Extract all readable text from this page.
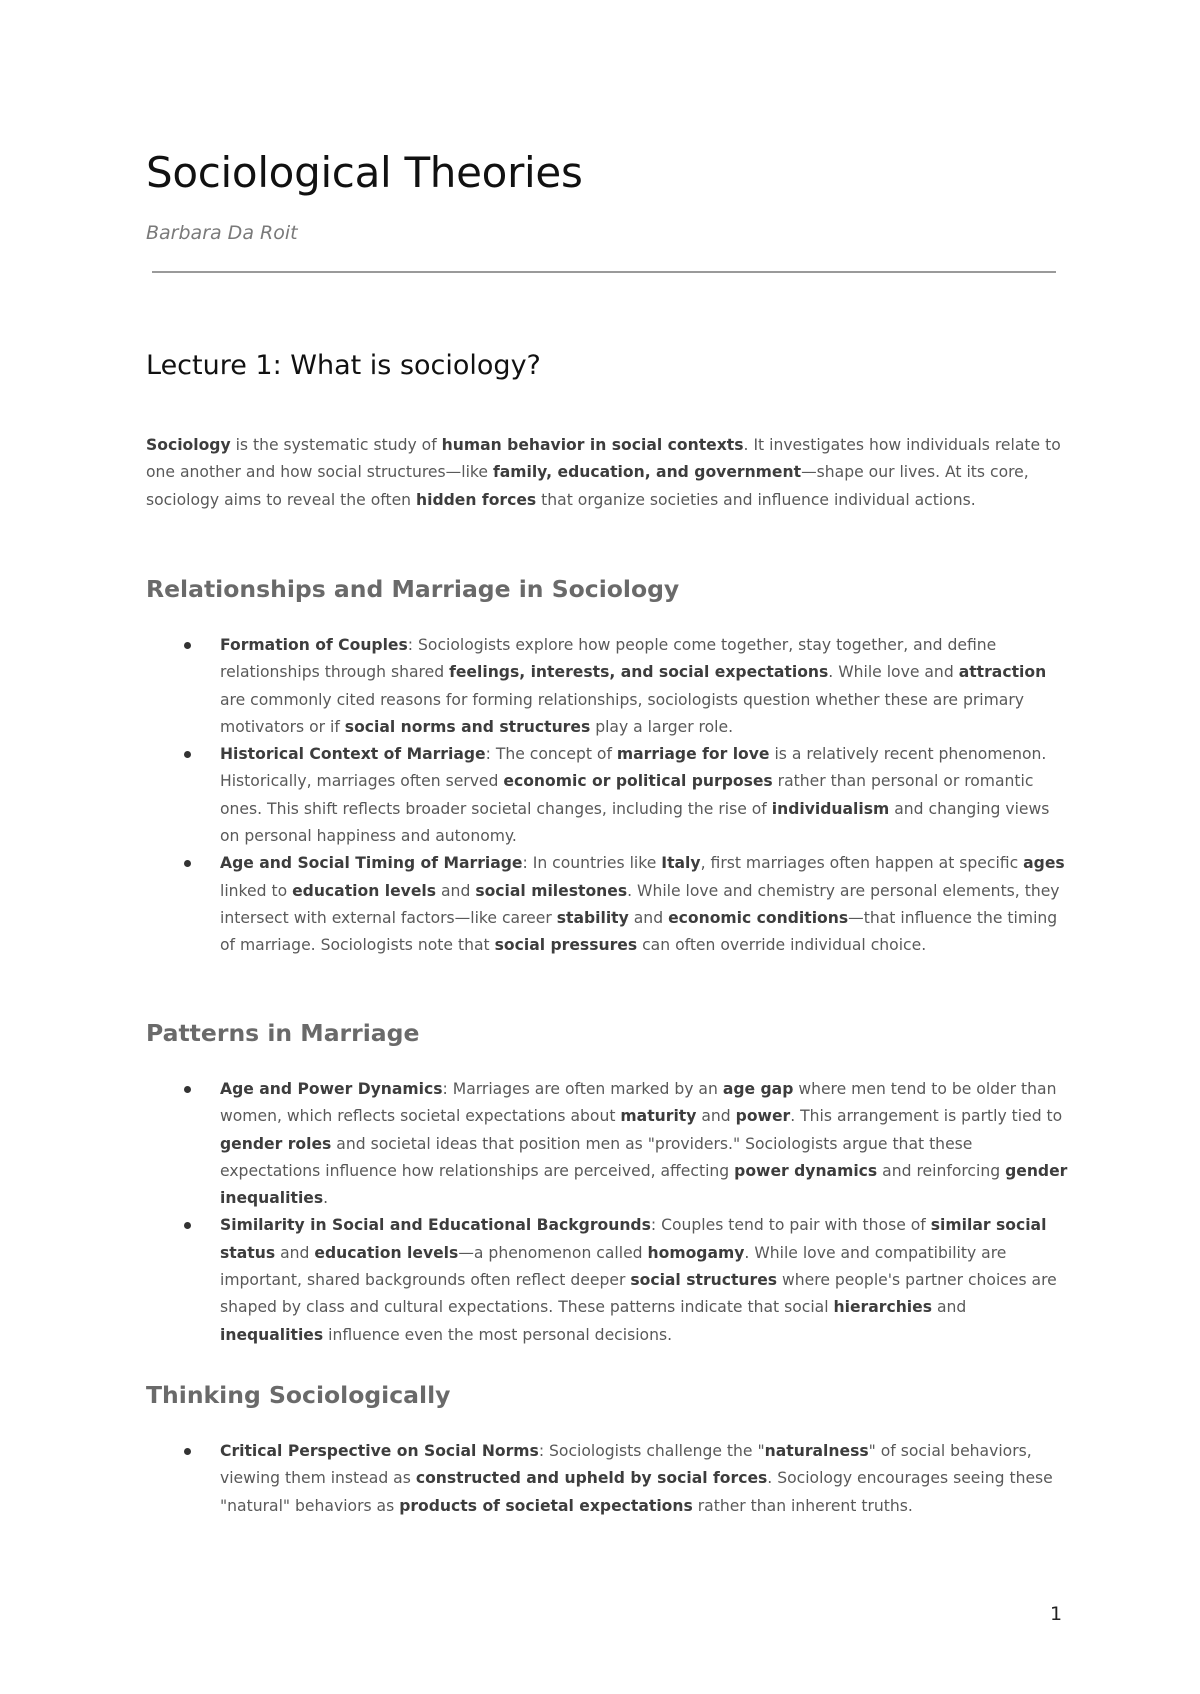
Sociological Theories
Barbara Da Roit
Lecture 1: What is sociology?

Sociology is the systematic study of human behavior in social contexts. It investigates how individuals relate to one another and how social structures—like family, education, and government—shape our lives. At its core, sociology aims to reveal the often hidden forces that organize societies and influence individual actions.

Relationships and Marriage in Sociology
Formation of Couples: Sociologists explore how people come together, stay together, and define relationships through shared feelings, interests, and social expectations. While love and attraction are commonly cited reasons for forming relationships, sociologists question whether these are primary motivators or if social norms and structures play a larger role.
Historical Context of Marriage: The concept of marriage for love is a relatively recent phenomenon. Historically, marriages often served economic or political purposes rather than personal or romantic ones. This shift reflects broader societal changes, including the rise of individualism and changing views on personal happiness and autonomy.
Age and Social Timing of Marriage: In countries like Italy, first marriages often happen at specific ages linked to education levels and social milestones. While love and chemistry are personal elements, they intersect with external factors—like career stability and economic conditions—that influence the timing of marriage. Sociologists note that social pressures can often override individual choice.
Patterns in Marriage
Age and Power Dynamics: Marriages are often marked by an age gap where men tend to be older than women, which reflects societal expectations about maturity and power. This arrangement is partly tied to gender roles and societal ideas that position men as "providers." Sociologists argue that these expectations influence how relationships are perceived, affecting power dynamics and reinforcing gender inequalities.
Similarity in Social and Educational Backgrounds: Couples tend to pair with those of similar social status and education levels—a phenomenon called homogamy. While love and compatibility are important, shared backgrounds often reflect deeper social structures where people's partner choices are shaped by class and cultural expectations. These patterns indicate that social hierarchies and inequalities influence even the most personal decisions.
Thinking Sociologically
Critical Perspective on Social Norms: Sociologists challenge the "naturalness" of social behaviors, viewing them instead as constructed and upheld by social forces. Sociology encourages seeing these "natural" behaviors as products of societal expectations rather than inherent truths.
1
